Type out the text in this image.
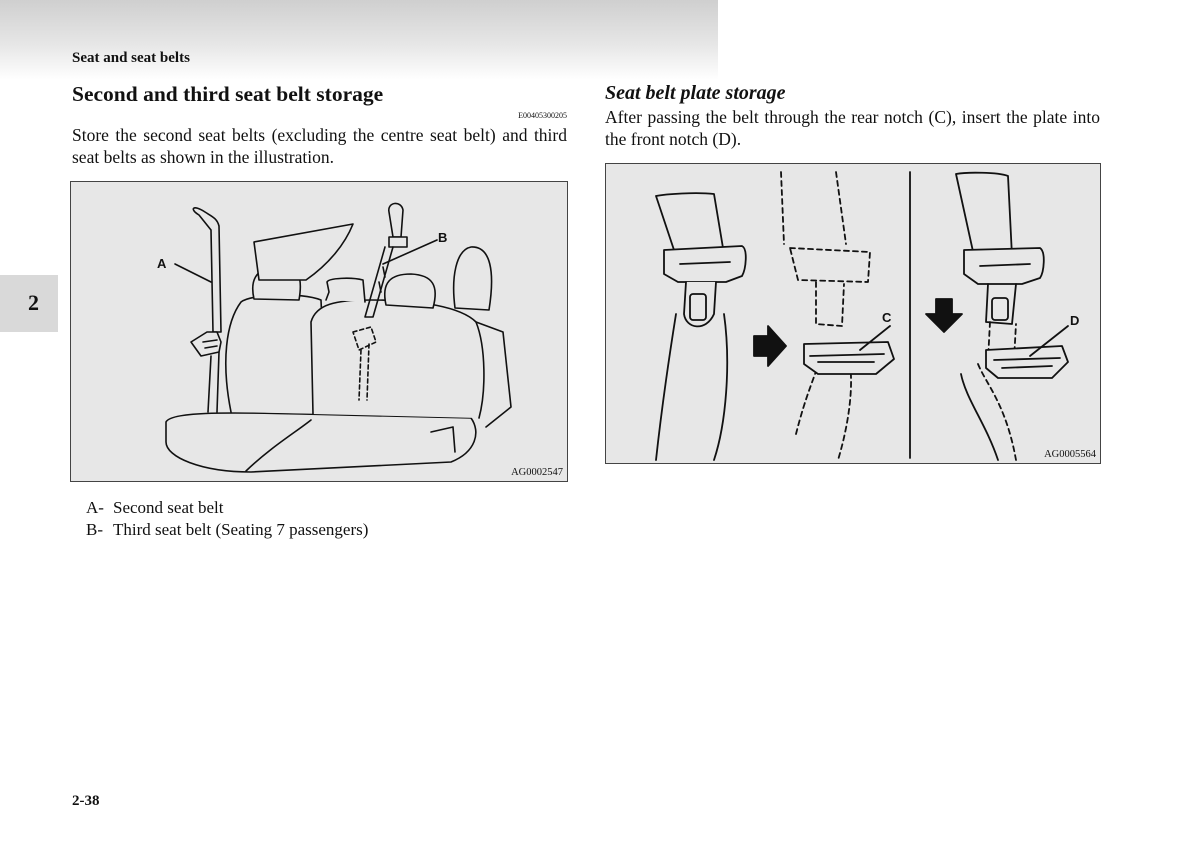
Seat and seat belts
2
Second and third seat belt storage
E00405300205

Store the second seat belts (excluding the centre seat belt) and third seat belts as shown in the illustration.

A
B
AG0002547
A- Second seat belt
B- Third seat belt (Seating 7 passengers)
Seat belt plate storage

After passing the belt through the rear notch (C), insert the plate into the front notch (D).

C	D
AG0005564
2-38
